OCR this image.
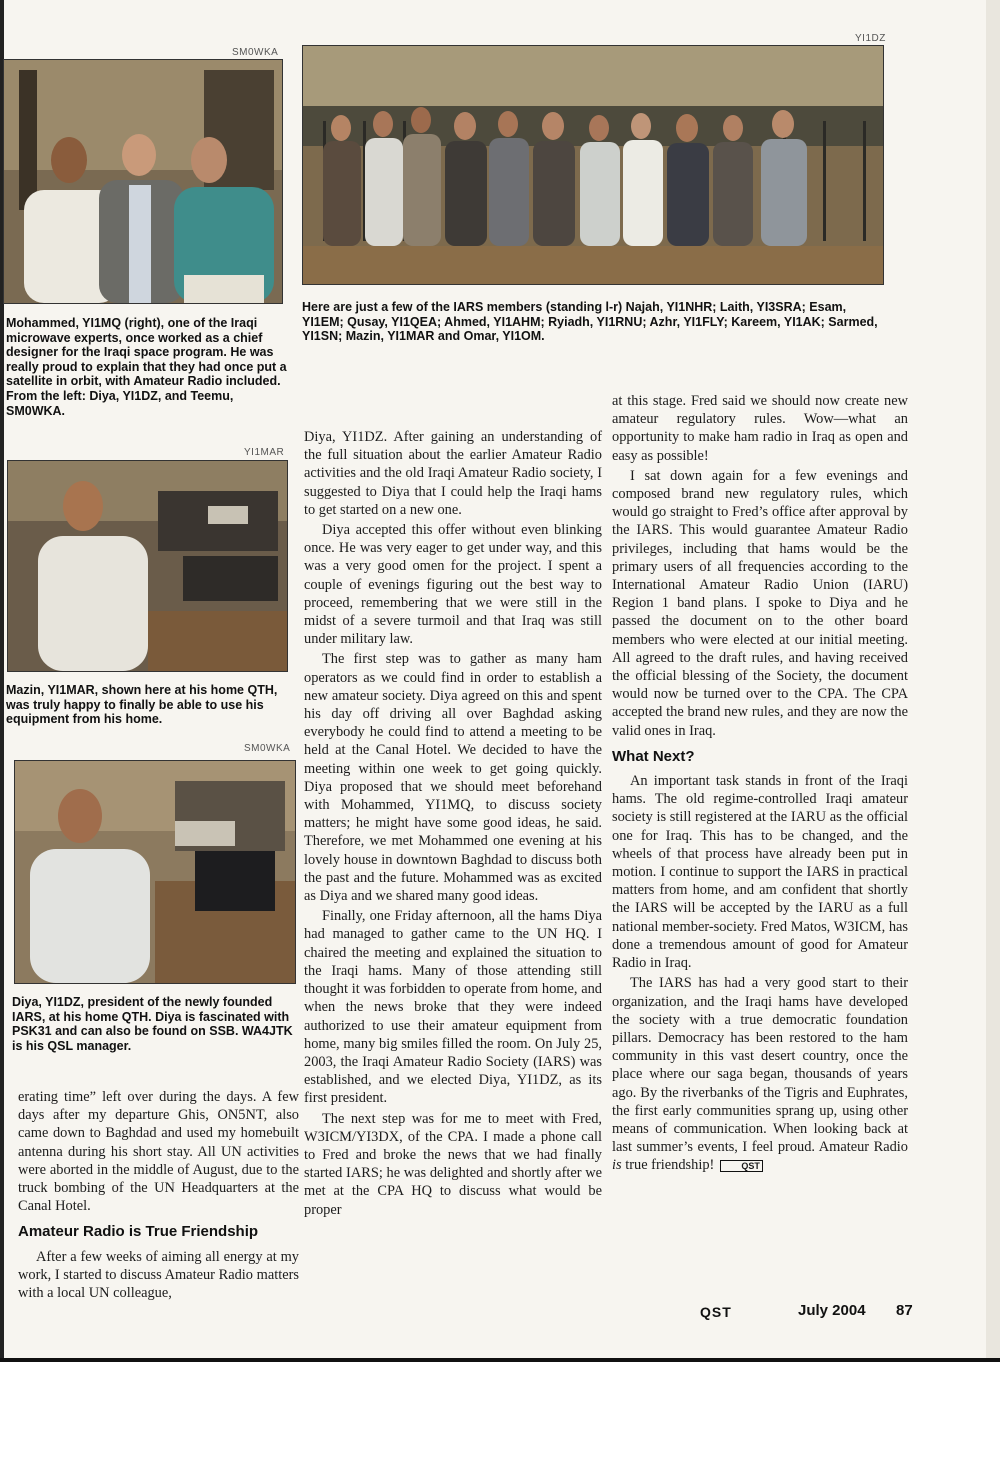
SM0WKA
YI1DZ

Mohammed, YI1MQ (right), one of the Iraqi microwave experts, once worked as a chief designer for the Iraqi space program. He was really proud to explain that they had once put a satellite in orbit, with Amateur Radio included. From the left: Diya, YI1DZ, and Teemu, SM0WKA.

Here are just a few of the IARS members (standing l-r) Najah, YI1NHR; Laith, YI3SRA; Esam, YI1EM; Qusay, YI1QEA; Ahmed, YI1AHM; Ryiadh, YI1RNU; Azhr, YI1FLY; Kareem, YI1AK; Sarmed, YI1SN; Mazin, YI1MAR and Omar, YI1OM.

YI1MAR

Mazin, YI1MAR, shown here at his home QTH, was truly happy to finally be able to use his equipment from his home.

SM0WKA

Diya, YI1DZ, president of the newly founded IARS, at his home QTH. Diya is fascinated with PSK31 and can also be found on SSB. WA4JTK is his QSL manager.

erating time” left over during the days. A few days after my departure Ghis, ON5NT, also came down to Baghdad and used my homebuilt antenna during his short stay. All UN activities were aborted in the middle of August, due to the truck bombing of the UN Headquarters at the Canal Hotel.

Amateur Radio is True Friendship

After a few weeks of aiming all energy at my work, I started to discuss Amateur Radio matters with a local UN colleague,

Diya, YI1DZ. After gaining an understanding of the full situation about the earlier Amateur Radio activities and the old Iraqi Amateur Radio society, I suggested to Diya that I could help the Iraqi hams to get started on a new one.

Diya accepted this offer without even blinking once. He was very eager to get under way, and this was a very good omen for the project. I spent a couple of evenings figuring out the best way to proceed, remembering that we were still in the midst of a severe turmoil and that Iraq was still under military law.

The first step was to gather as many ham operators as we could find in order to establish a new amateur society. Diya agreed on this and spent his day off driving all over Baghdad asking everybody he could find to attend a meeting to be held at the Canal Hotel. We decided to have the meeting within one week to get going quickly. Diya proposed that we should meet beforehand with Mohammed, YI1MQ, to discuss society matters; he might have some good ideas, he said. Therefore, we met Mohammed one evening at his lovely house in downtown Baghdad to discuss both the past and the future. Mohammed was as excited as Diya and we shared many good ideas.

Finally, one Friday afternoon, all the hams Diya had managed to gather came to the UN HQ. I chaired the meeting and explained the situation to the Iraqi hams. Many of those attending still thought it was forbidden to operate from home, and when the news broke that they were indeed authorized to use their amateur equipment from home, many big smiles filled the room. On July 25, 2003, the Iraqi Amateur Radio Society (IARS) was established, and we elected Diya, YI1DZ, as its first president.

The next step was for me to meet with Fred, W3ICM/YI3DX, of the CPA. I made a phone call to Fred and broke the news that we had finally started IARS; he was delighted and shortly after we met at the CPA HQ to discuss what would be proper

at this stage. Fred said we should now create new amateur regulatory rules. Wow—what an opportunity to make ham radio in Iraq as open and easy as possible!

I sat down again for a few evenings and composed brand new regulatory rules, which would go straight to Fred’s office after approval by the IARS. This would guarantee Amateur Radio privileges, including that hams would be the primary users of all frequencies according to the International Amateur Radio Union (IARU) Region 1 band plans. I spoke to Diya and he passed the document on to the other board members who were elected at our initial meeting. All agreed to the draft rules, and having received the official blessing of the Society, the document would now be turned over to the CPA. The CPA accepted the brand new rules, and they are now the valid ones in Iraq.

What Next?

An important task stands in front of the Iraqi hams. The old regime-controlled Iraqi amateur society is still registered at the IARU as the official one for Iraq. This has to be changed, and the wheels of that process have already been put in motion. I continue to support the IARS in practical matters from home, and am confident that shortly the IARS will be accepted by the IARU as a full national member-society. Fred Matos, W3ICM, has done a tremendous amount of good for Amateur Radio in Iraq.

The IARS has had a very good start to their organization, and the Iraqi hams have developed the society with a true democratic foundation pillars. Democracy has been restored to the ham community in this vast desert country, once the place where our saga began, thousands of years ago. By the riverbanks of the Tigris and Euphrates, the first early communities sprang up, using other means of communication. When looking back at last summer’s events, I feel proud. Amateur Radio is true friendship!	QST

QST	July 2004 87
